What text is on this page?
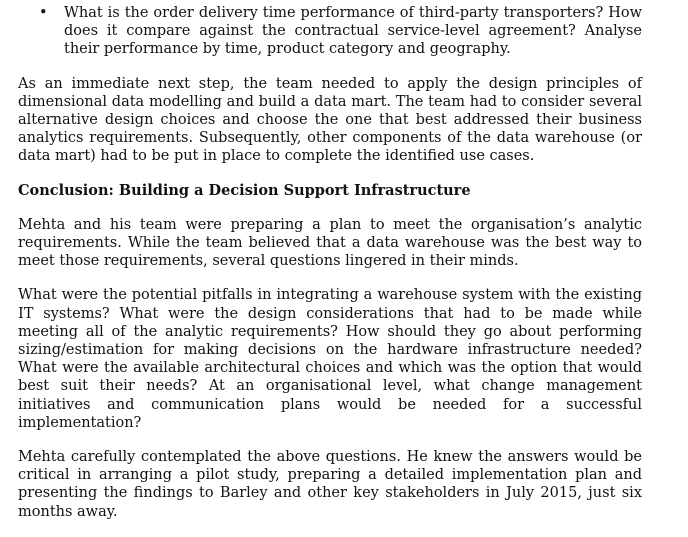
• What is the order delivery time performance of third-party transporters? How does it compare against the contractual service-level agreement? Analyse their performance by time, product category and geography.

As an immediate next step, the team needed to apply the design principles of dimensional data modelling and build a data mart. The team had to consider several alternative design choices and choose the one that best addressed their business analytics requirements. Subsequently, other components of the data warehouse (or data mart) had to be put in place to complete the identified use cases.

Conclusion: Building a Decision Support Infrastructure

Mehta and his team were preparing a plan to meet the organisation’s analytic requirements. While the team believed that a data warehouse was the best way to meet those requirements, several questions lingered in their minds.

What were the potential pitfalls in integrating a warehouse system with the existing IT systems? What were the design considerations that had to be made while meeting all of the analytic requirements? How should they go about performing sizing/estimation for making decisions on the hardware infrastructure needed? What were the available architectural choices and which was the option that would best suit their needs? At an organisational level, what change management initiatives and communication plans would be needed for a successful implementation?

Mehta carefully contemplated the above questions. He knew the answers would be critical in arranging a pilot study, preparing a detailed implementation plan and presenting the findings to Barley and other key stakeholders in July 2015, just six months away.
